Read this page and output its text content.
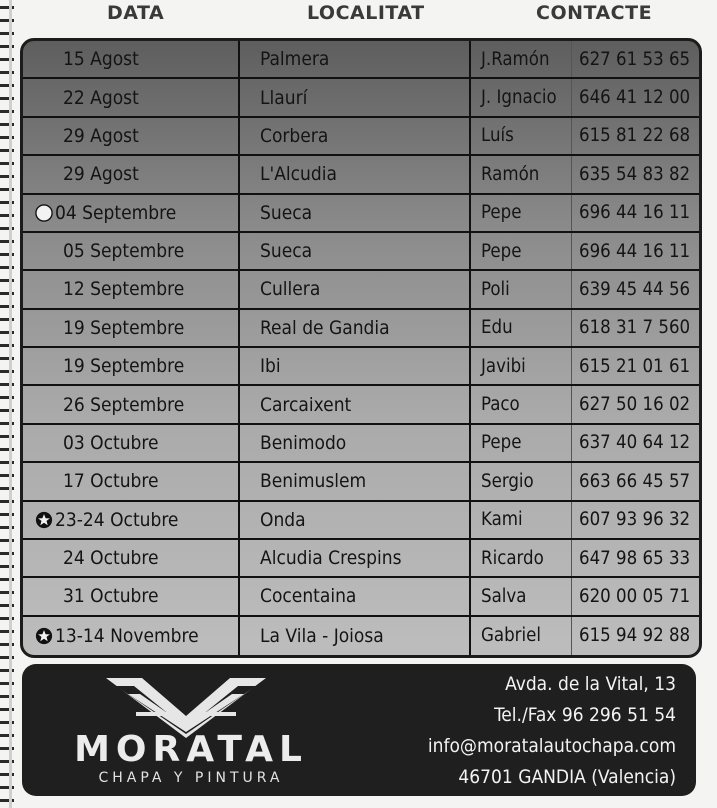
DATA	LOCALITAT	CONTACTE
15 Agost	Palmera	J.Ramón	627 61 53 65
22 Agost	Llaurí	J. Ignacio	646 41 12 00
29 Agost	Corbera	Luís	615 81 22 68
29 Agost	L'Alcudia	Ramón	635 54 83 82
04 Septembre	Sueca	Pepe	696 44 16 11
05 Septembre	Sueca	Pepe	696 44 16 11
12 Septembre	Cullera	Poli	639 45 44 56
19 Septembre	Real de Gandia	Edu	618 31 7 560
19 Septembre	Ibi	Javibi	615 21 01 61
26 Septembre	Carcaixent	Paco	627 50 16 02
03 Octubre	Benimodo	Pepe	637 40 64 12
17 Octubre	Benimuslem	Sergio	663 66 45 57
23-24 Octubre	Onda	Kami	607 93 96 32
24 Octubre	Alcudia Crespins	Ricardo	647 98 65 33
31 Octubre	Cocentaina	Salva	620 00 05 71
13-14 Novembre	La Vila - Joiosa	Gabriel	615 94 92 88
MORATAL
CHAPA Y PINTURA
Avda. de la Vital, 13
Tel./Fax 96 296 51 54
info@moratalautochapa.com
46701 GANDIA (Valencia)
